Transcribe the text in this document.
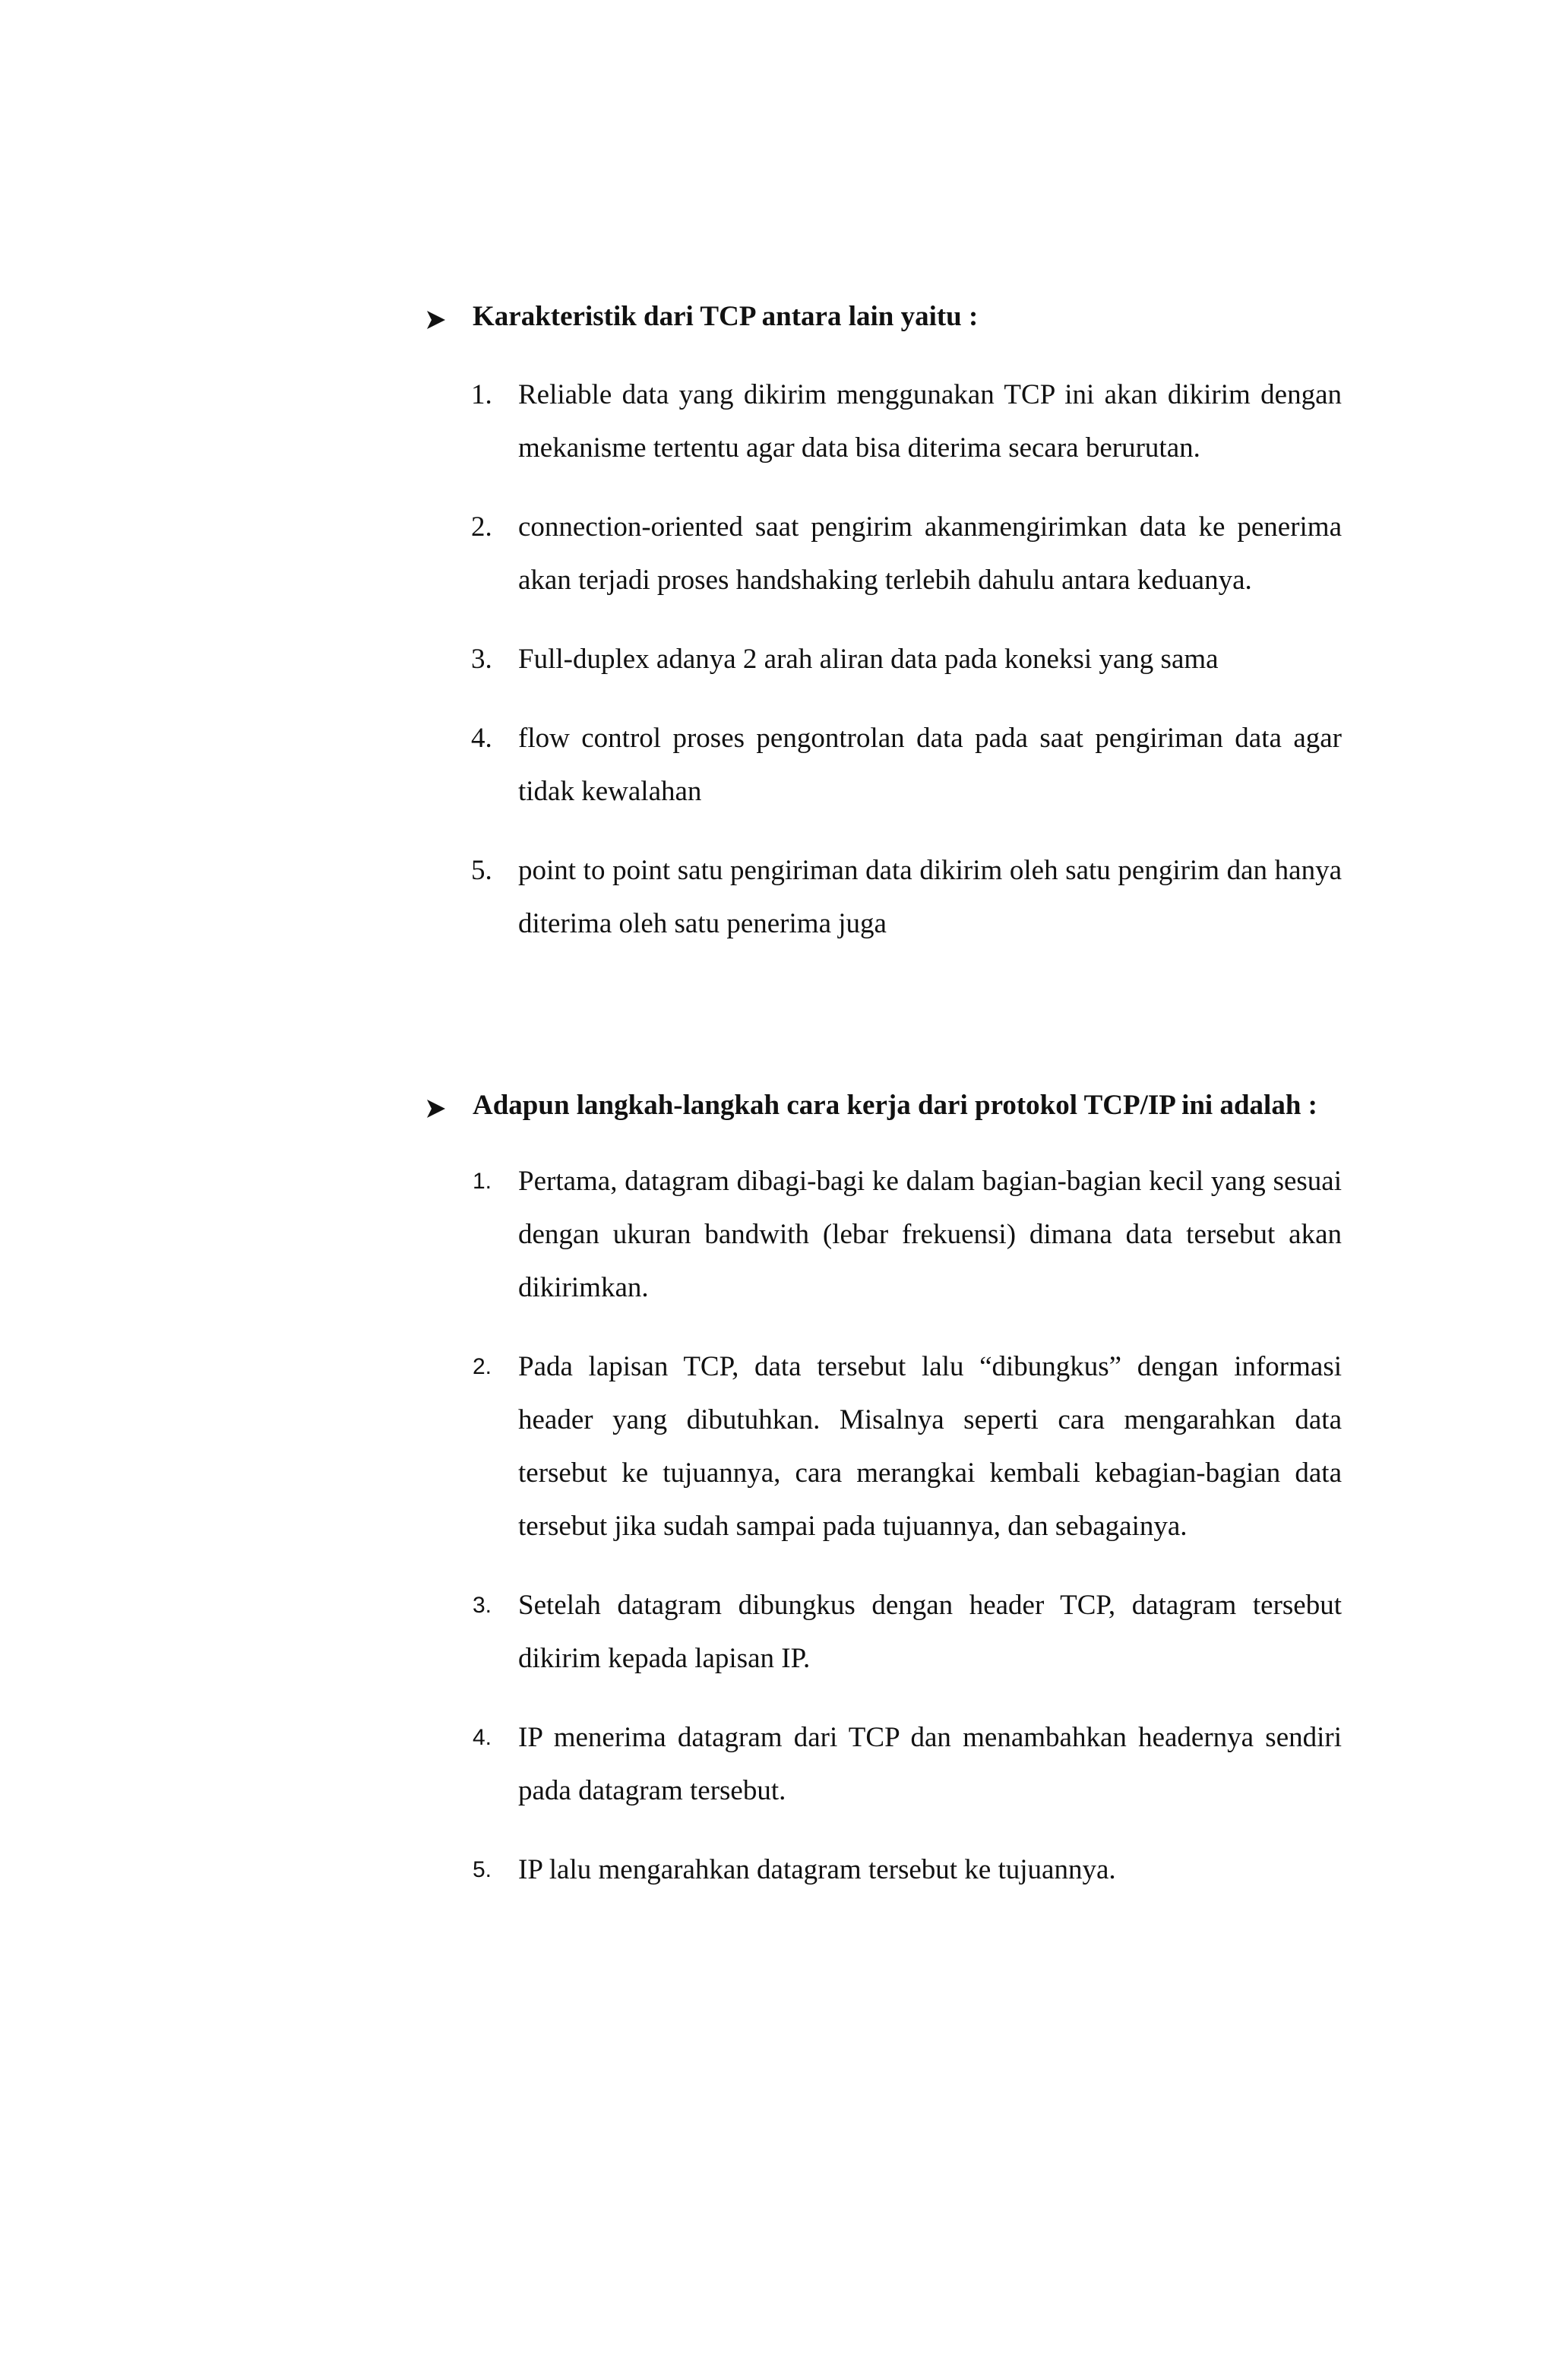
Karakteristik dari TCP antara lain yaitu :
1. Reliable data yang dikirim menggunakan TCP ini akan dikirim dengan mekanisme tertentu agar data bisa diterima secara berurutan.
2. connection-oriented saat pengirim akanmengirimkan data ke penerima akan terjadi proses handshaking terlebih dahulu antara keduanya.
3. Full-duplex adanya 2 arah aliran data pada koneksi yang sama
4. flow control proses pengontrolan data pada saat pengiriman data agar tidak kewalahan
5. point to point satu pengiriman data dikirim oleh satu pengirim dan hanya diterima oleh satu penerima juga
Adapun langkah-langkah cara kerja dari protokol TCP/IP ini adalah :
1. Pertama, datagram dibagi-bagi ke dalam bagian-bagian kecil yang sesuai dengan ukuran bandwith (lebar frekuensi) dimana data tersebut akan dikirimkan.
2. Pada lapisan TCP, data tersebut lalu “dibungkus” dengan informasi header yang dibutuhkan. Misalnya seperti cara mengarahkan data tersebut ke tujuannya, cara merangkai kembali kebagian-bagian data tersebut jika sudah sampai pada tujuannya, dan sebagainya.
3. Setelah datagram dibungkus dengan header TCP, datagram tersebut dikirim kepada lapisan IP.
4. IP menerima datagram dari TCP dan menambahkan headernya sendiri pada datagram tersebut.
5. IP lalu mengarahkan datagram tersebut ke tujuannya.
